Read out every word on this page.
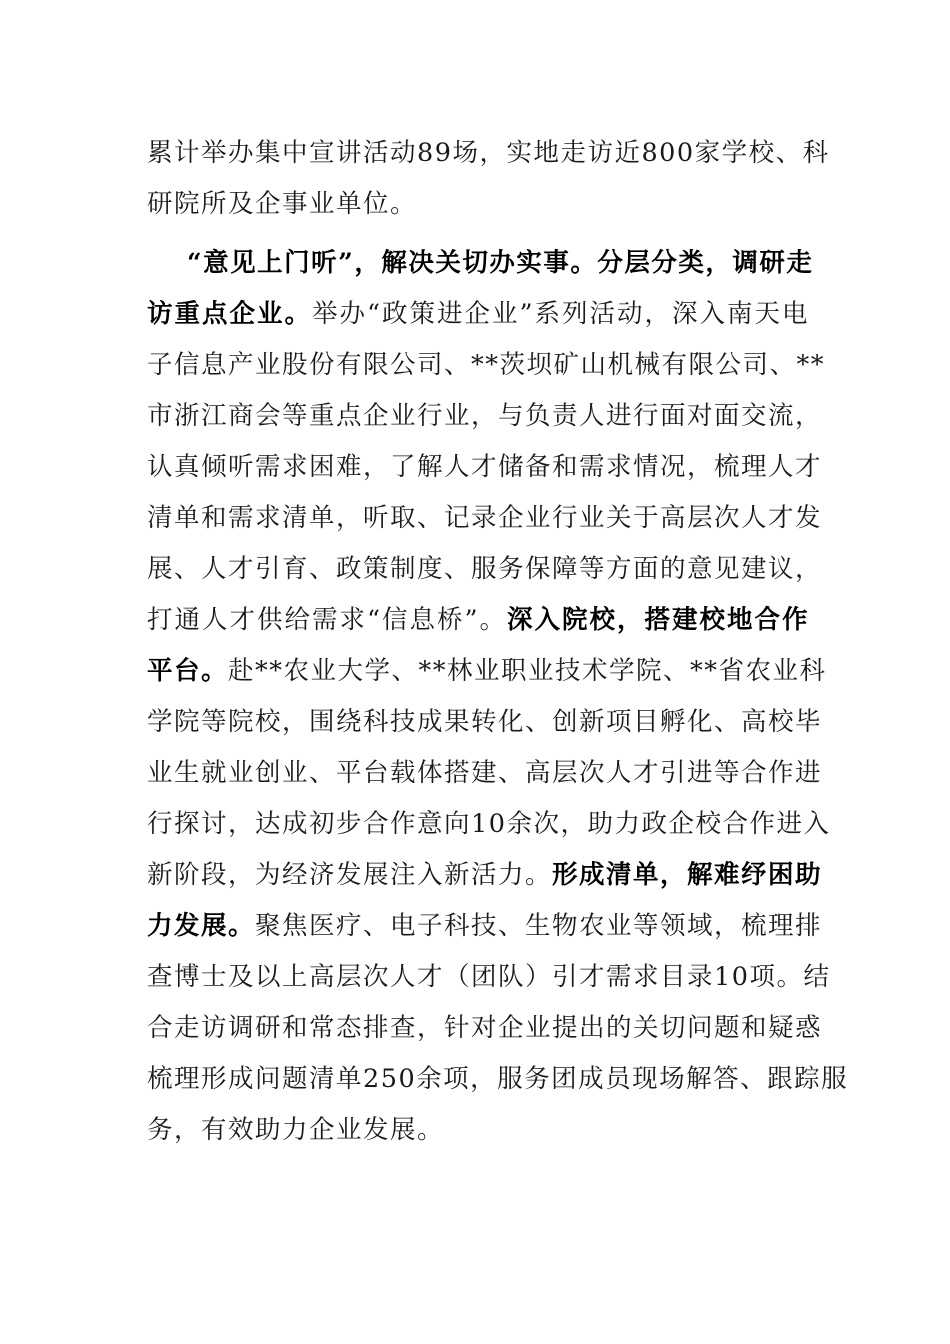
累计举办集中宣讲活动89场，实地走访近800家学校、科
研院所及企事业单位。
“意见上门听”，解决关切办实事。分层分类，调研走
访重点企业。举办“政策进企业”系列活动，深入南天电
子信息产业股份有限公司、**茨坝矿山机械有限公司、**
市浙江商会等重点企业行业，与负责人进行面对面交流，
认真倾听需求困难，了解人才储备和需求情况，梳理人才
清单和需求清单，听取、记录企业行业关于高层次人才发
展、人才引育、政策制度、服务保障等方面的意见建议，
打通人才供给需求“信息桥”。深入院校，搭建校地合作
平台。赴**农业大学、**林业职业技术学院、**省农业科
学院等院校，围绕科技成果转化、创新项目孵化、高校毕
业生就业创业、平台载体搭建、高层次人才引进等合作进
行探讨，达成初步合作意向10余次，助力政企校合作进入
新阶段，为经济发展注入新活力。形成清单，解难纾困助
力发展。聚焦医疗、电子科技、生物农业等领域，梳理排
查博士及以上高层次人才（团队）引才需求目录10项。结
合走访调研和常态排查，针对企业提出的关切问题和疑惑
梳理形成问题清单250余项，服务团成员现场解答、跟踪服
务，有效助力企业发展。
